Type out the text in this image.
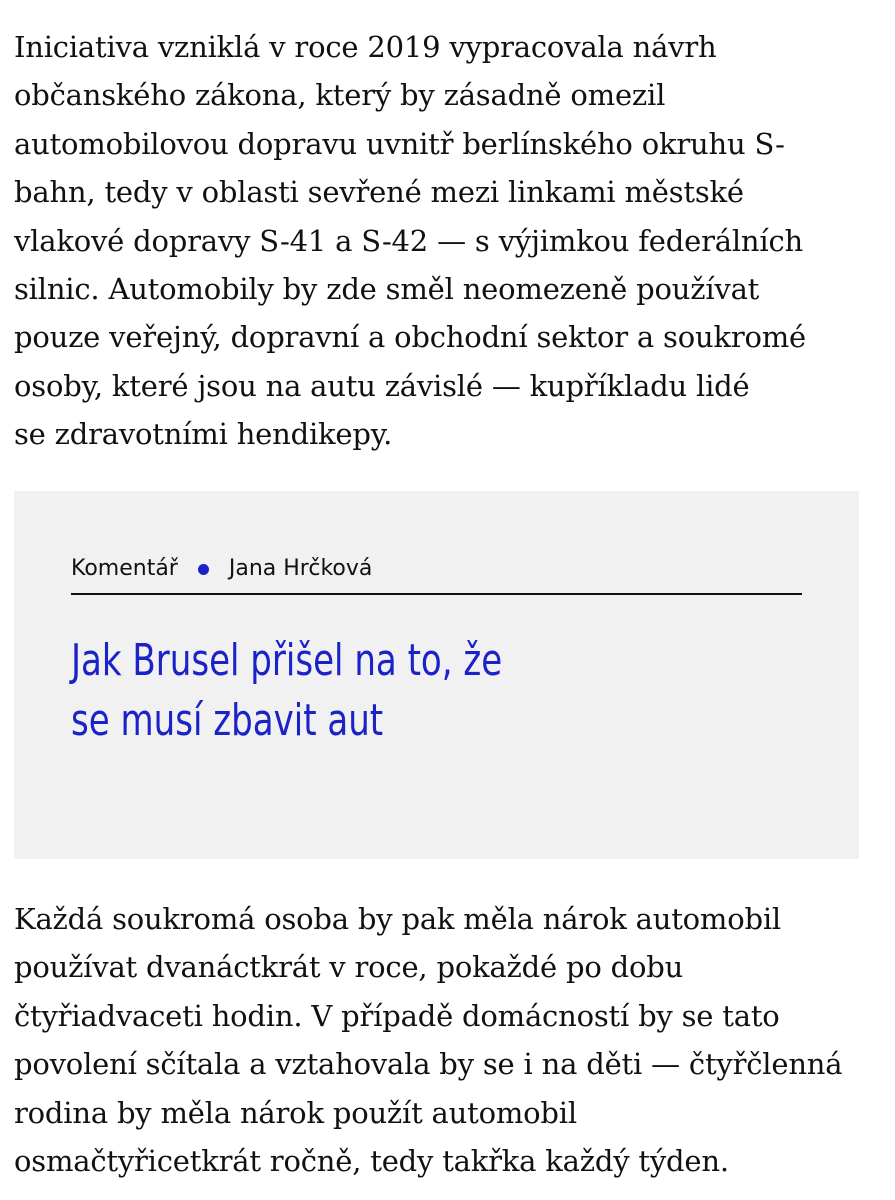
Iniciativa vzniklá v roce 2019 vypracovala návrh
občanského zákona, který by zásadně omezil
automobilovou dopravu uvnitř berlínského okruhu S-
bahn, tedy v oblasti sevřené mezi linkami městské
vlakové dopravy S-41 a S-42 — s výjimkou federálních
silnic. Automobily by zde směl neomezeně používat
pouze veřejný, dopravní a obchodní sektor a soukromé
osoby, které jsou na autu závislé — kupříkladu lidé
se zdravotními hendikepy.
Komentář Jana Hrčková
Jak Brusel přišel na to, že
se musí zbavit aut
Každá soukromá osoba by pak měla nárok automobil
používat dvanáctkrát v roce, pokaždé po dobu
čtyřiadvaceti hodin. V případě domácností by se tato
povolení sčítala a vztahovala by se i na děti — čtyřčlenná
rodina by měla nárok použít automobil
osmačtyřicetkrát ročně, tedy takřka každý týden.
